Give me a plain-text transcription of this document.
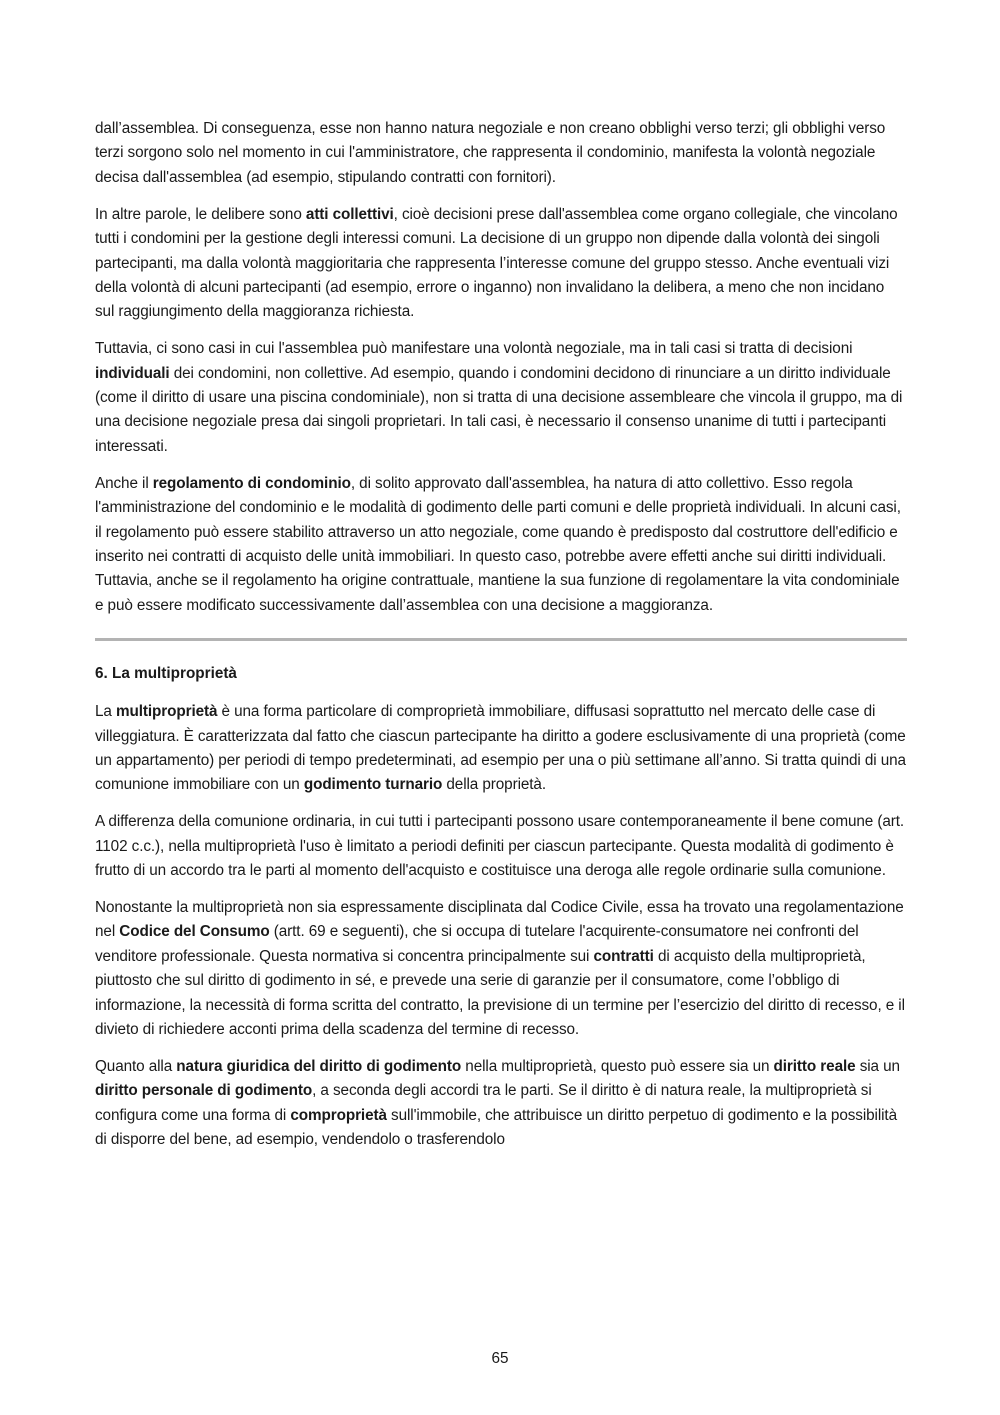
dall’assemblea. Di conseguenza, esse non hanno natura negoziale e non creano obblighi verso terzi; gli obblighi verso terzi sorgono solo nel momento in cui l'amministratore, che rappresenta il condominio, manifesta la volontà negoziale decisa dall'assemblea (ad esempio, stipulando contratti con fornitori).

In altre parole, le delibere sono atti collettivi, cioè decisioni prese dall'assemblea come organo collegiale, che vincolano tutti i condomini per la gestione degli interessi comuni. La decisione di un gruppo non dipende dalla volontà dei singoli partecipanti, ma dalla volontà maggioritaria che rappresenta l’interesse comune del gruppo stesso. Anche eventuali vizi della volontà di alcuni partecipanti (ad esempio, errore o inganno) non invalidano la delibera, a meno che non incidano sul raggiungimento della maggioranza richiesta.

Tuttavia, ci sono casi in cui l'assemblea può manifestare una volontà negoziale, ma in tali casi si tratta di decisioni individuali dei condomini, non collettive. Ad esempio, quando i condomini decidono di rinunciare a un diritto individuale (come il diritto di usare una piscina condominiale), non si tratta di una decisione assembleare che vincola il gruppo, ma di una decisione negoziale presa dai singoli proprietari. In tali casi, è necessario il consenso unanime di tutti i partecipanti interessati.

Anche il regolamento di condominio, di solito approvato dall'assemblea, ha natura di atto collettivo. Esso regola l'amministrazione del condominio e le modalità di godimento delle parti comuni e delle proprietà individuali. In alcuni casi, il regolamento può essere stabilito attraverso un atto negoziale, come quando è predisposto dal costruttore dell'edificio e inserito nei contratti di acquisto delle unità immobiliari. In questo caso, potrebbe avere effetti anche sui diritti individuali. Tuttavia, anche se il regolamento ha origine contrattuale, mantiene la sua funzione di regolamentare la vita condominiale e può essere modificato successivamente dall’assemblea con una decisione a maggioranza.

6. La multiproprietà

La multiproprietà è una forma particolare di comproprietà immobiliare, diffusasi soprattutto nel mercato delle case di villeggiatura. È caratterizzata dal fatto che ciascun partecipante ha diritto a godere esclusivamente di una proprietà (come un appartamento) per periodi di tempo predeterminati, ad esempio per una o più settimane all’anno. Si tratta quindi di una comunione immobiliare con un godimento turnario della proprietà.

A differenza della comunione ordinaria, in cui tutti i partecipanti possono usare contemporaneamente il bene comune (art. 1102 c.c.), nella multiproprietà l'uso è limitato a periodi definiti per ciascun partecipante. Questa modalità di godimento è frutto di un accordo tra le parti al momento dell'acquisto e costituisce una deroga alle regole ordinarie sulla comunione.

Nonostante la multiproprietà non sia espressamente disciplinata dal Codice Civile, essa ha trovato una regolamentazione nel Codice del Consumo (artt. 69 e seguenti), che si occupa di tutelare l'acquirente-consumatore nei confronti del venditore professionale. Questa normativa si concentra principalmente sui contratti di acquisto della multiproprietà, piuttosto che sul diritto di godimento in sé, e prevede una serie di garanzie per il consumatore, come l’obbligo di informazione, la necessità di forma scritta del contratto, la previsione di un termine per l’esercizio del diritto di recesso, e il divieto di richiedere acconti prima della scadenza del termine di recesso.

Quanto alla natura giuridica del diritto di godimento nella multiproprietà, questo può essere sia un diritto reale sia un diritto personale di godimento, a seconda degli accordi tra le parti. Se il diritto è di natura reale, la multiproprietà si configura come una forma di comproprietà sull'immobile, che attribuisce un diritto perpetuo di godimento e la possibilità di disporre del bene, ad esempio, vendendolo o trasferendolo

65
